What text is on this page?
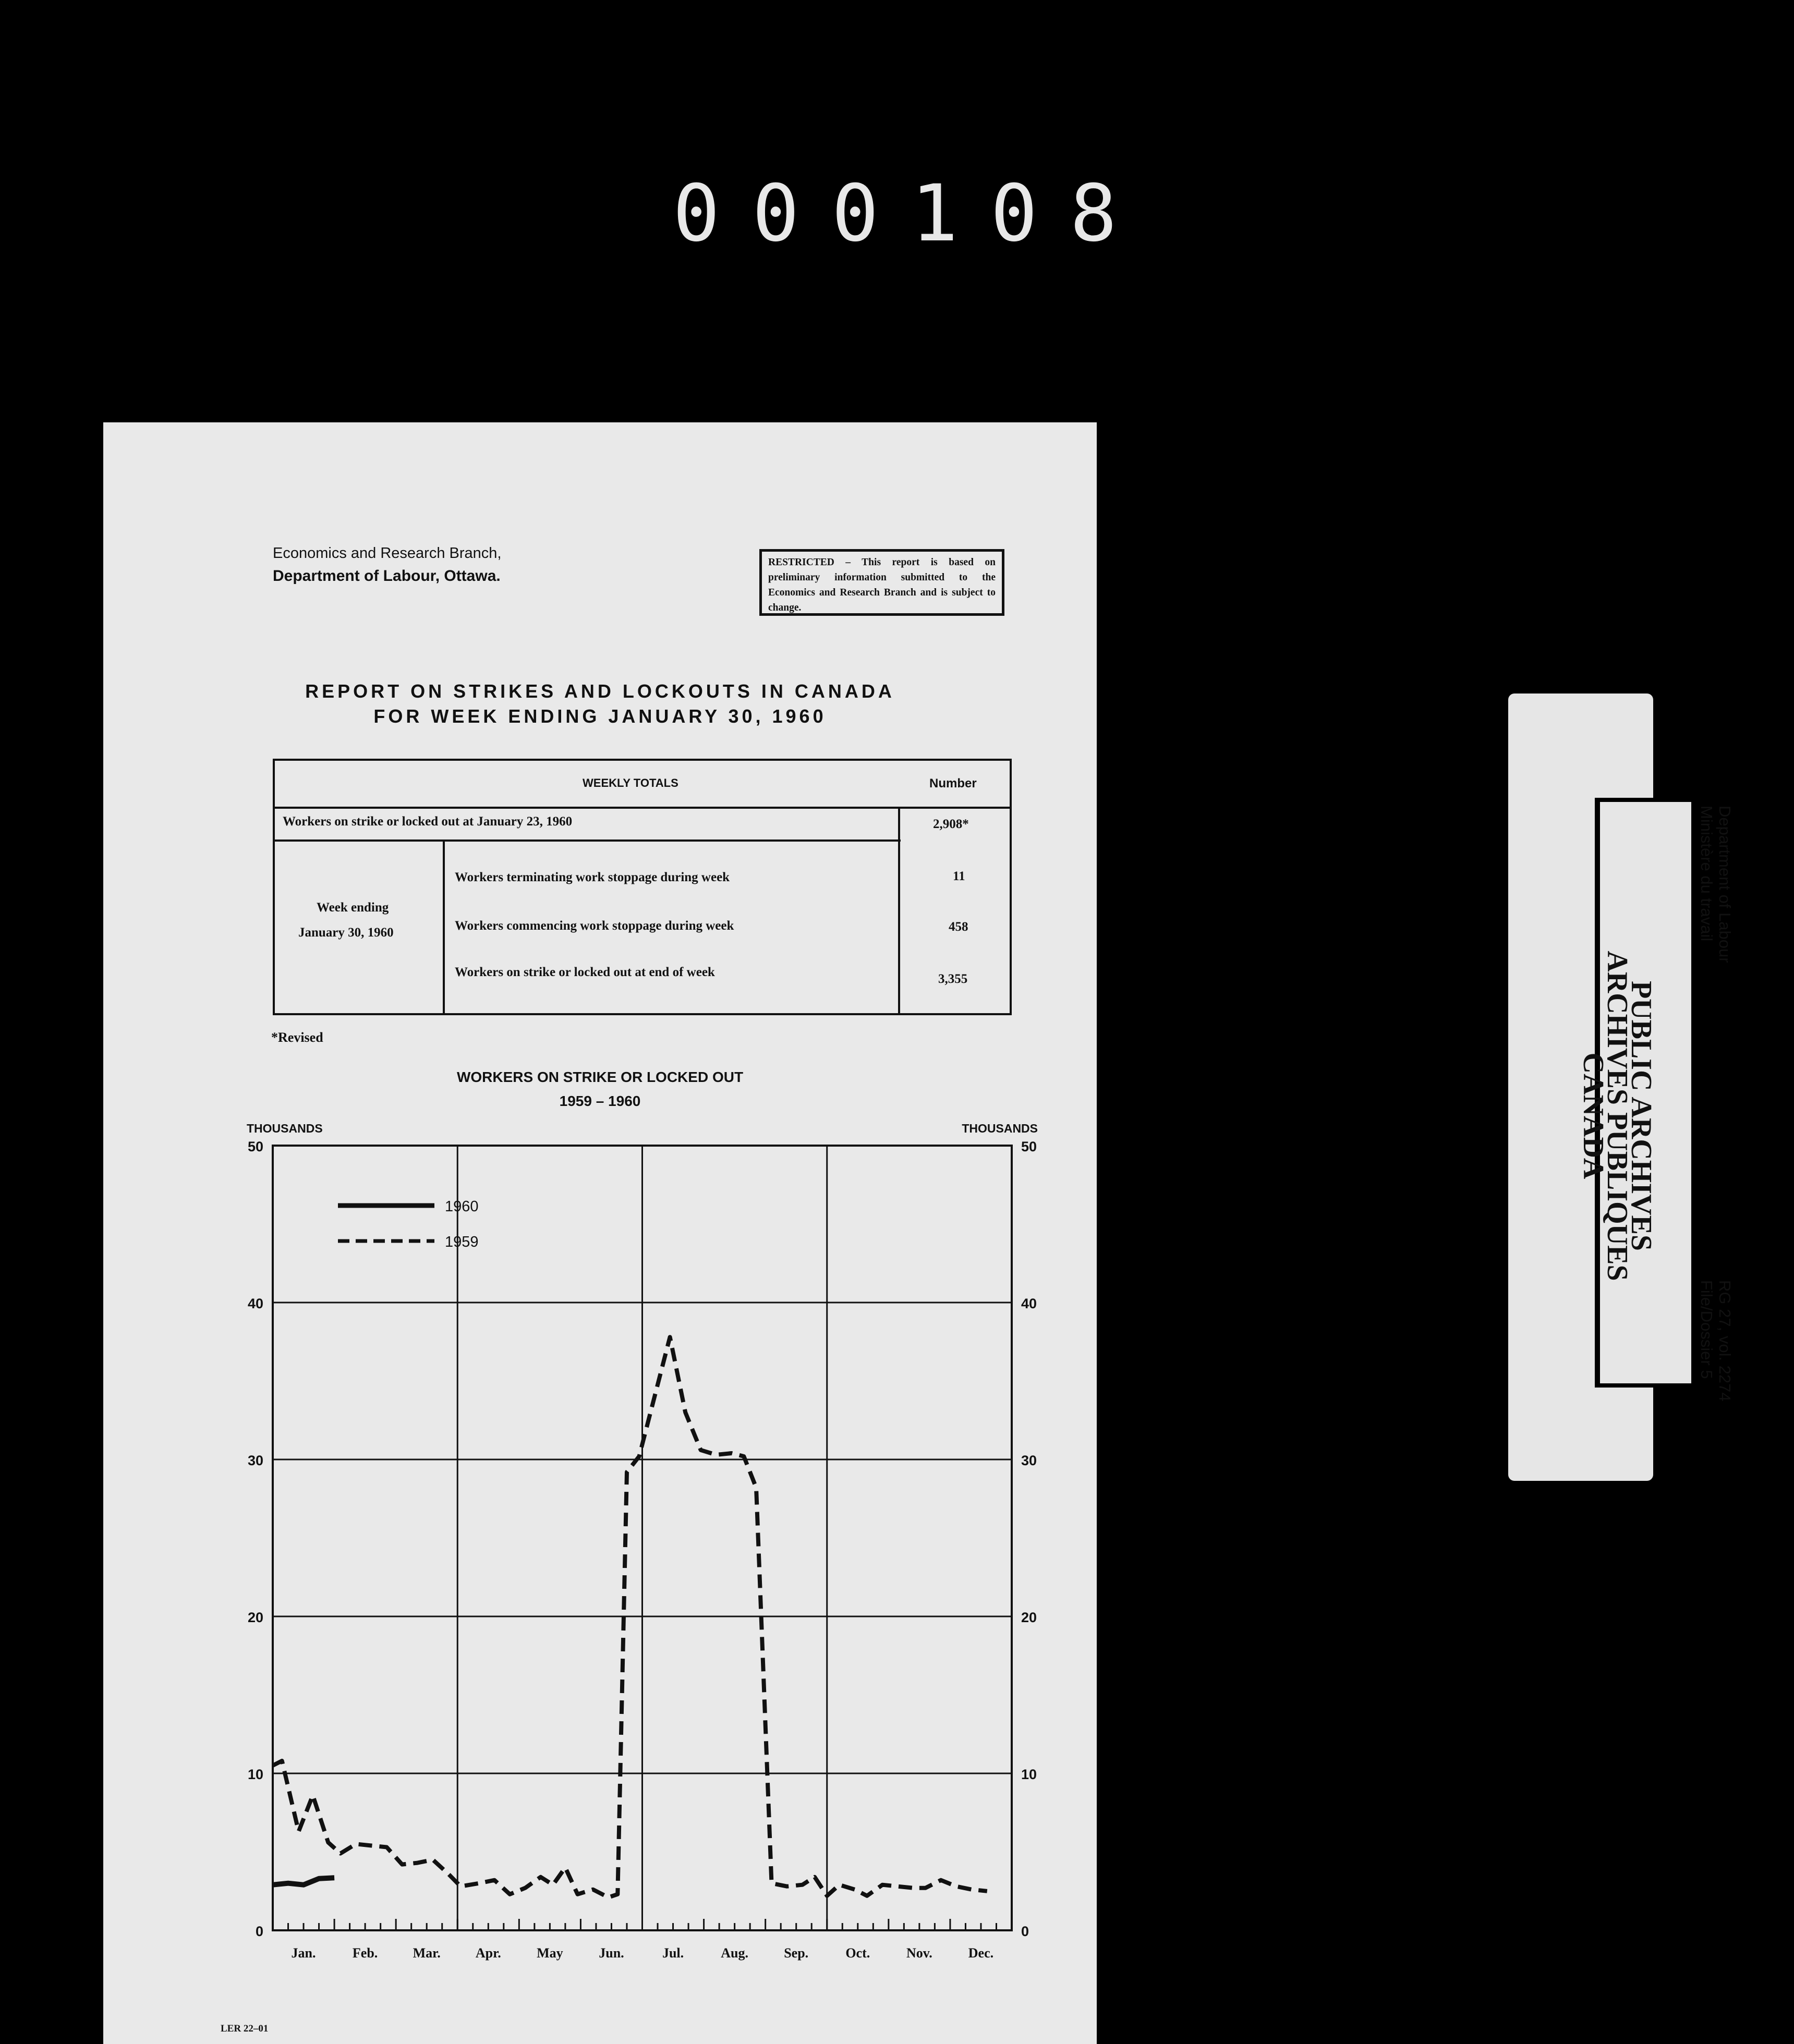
000108
Economics and Research Branch,
Department of Labour, Ottawa.
RESTRICTED – This report is based on preliminary information submitted to the Economics and Research Branch and is subject to change.
REPORT ON STRIKES AND LOCKOUTS IN CANADA
FOR WEEK ENDING JANUARY 30, 1960
WEEKLY TOTALS	Number
Workers on strike or locked out at January 23, 1960	2,908*
Week ending
January 30, 1960
Workers terminating work stoppage during week	11
Workers commencing work stoppage during week	458
Workers on strike or locked out at end of week	3,355
*Revised
WORKERS ON STRIKE OR LOCKED OUT
1959 – 1960
0	0
10	10
20	20
30	30
40	40
50	50
Jan.	Feb.	Mar.	Apr.	May	Jun.	Jul.	Aug.	Sep.	Oct.	Nov.	Dec.
THOUSANDS	THOUSANDS
1960
1959
LER 22–01
PUBLIC ARCHIVES
ARCHIVES PUBLIQUES
CANADA
Department of Labour
Ministère du travail
RG 27, vol. 2274
File/Dossier 5
